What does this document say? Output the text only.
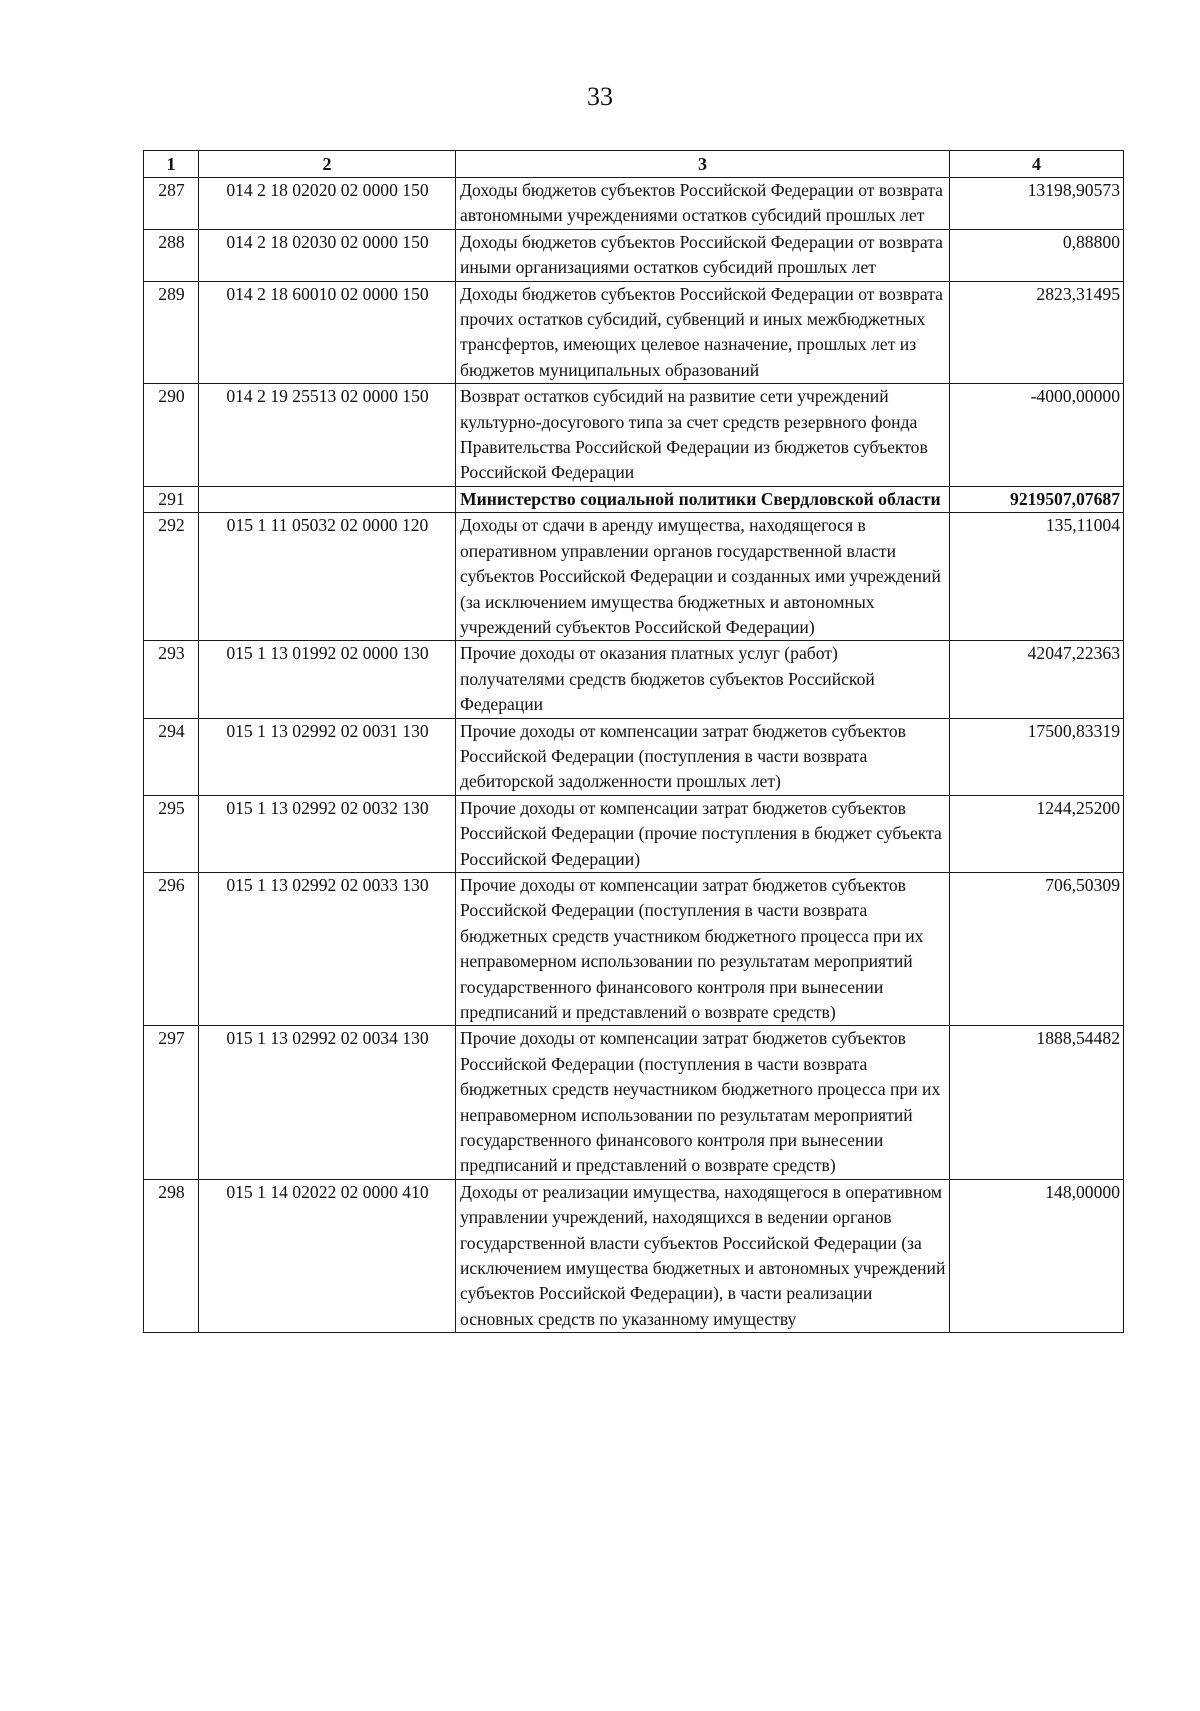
33
1	2	3	4
287	014 2 18 02020 02 0000 150	Доходы бюджетов субъектов Российской Федерации от возврата автономными учреждениями остатков субсидий прошлых лет	13198,90573
288	014 2 18 02030 02 0000 150	Доходы бюджетов субъектов Российской Федерации от возврата иными организациями остатков субсидий прошлых лет	0,88800
289	014 2 18 60010 02 0000 150	Доходы бюджетов субъектов Российской Федерации от возврата прочих остатков субсидий, субвенций и иных межбюджетных трансфертов, имеющих целевое назначение, прошлых лет из бюджетов муниципальных образований	2823,31495
290	014 2 19 25513 02 0000 150	Возврат остатков субсидий на развитие сети учреждений культурно-досугового типа за счет средств резервного фонда Правительства Российской Федерации из бюджетов субъектов Российской Федерации	-4000,00000
291		Министерство социальной политики Свердловской области	9219507,07687
292	015 1 11 05032 02 0000 120	Доходы от сдачи в аренду имущества, находящегося в оперативном управлении органов государственной власти субъектов Российской Федерации и созданных ими учреждений (за исключением имущества бюджетных и автономных учреждений субъектов Российской Федерации)	135,11004
293	015 1 13 01992 02 0000 130	Прочие доходы от оказания платных услуг (работ) получателями средств бюджетов субъектов Российской Федерации	42047,22363
294	015 1 13 02992 02 0031 130	Прочие доходы от компенсации затрат бюджетов субъектов Российской Федерации (поступления в части возврата дебиторской задолженности прошлых лет)	17500,83319
295	015 1 13 02992 02 0032 130	Прочие доходы от компенсации затрат бюджетов субъектов Российской Федерации (прочие поступления в бюджет субъекта Российской Федерации)	1244,25200
296	015 1 13 02992 02 0033 130	Прочие доходы от компенсации затрат бюджетов субъектов Российской Федерации (поступления в части возврата бюджетных средств участником бюджетного процесса при их неправомерном использовании по результатам мероприятий государственного финансового контроля при вынесении предписаний и представлений о возврате средств)	706,50309
297	015 1 13 02992 02 0034 130	Прочие доходы от компенсации затрат бюджетов субъектов Российской Федерации (поступления в части возврата бюджетных средств неучастником бюджетного процесса при их неправомерном использовании по результатам мероприятий государственного финансового контроля при вынесении предписаний и представлений о возврате средств)	1888,54482
298	015 1 14 02022 02 0000 410	Доходы от реализации имущества, находящегося в оперативном управлении учреждений, находящихся в ведении органов государственной власти субъектов Российской Федерации (за исключением имущества бюджетных и автономных учреждений субъектов Российской Федерации), в части реализации основных средств по указанному имуществу	148,00000
